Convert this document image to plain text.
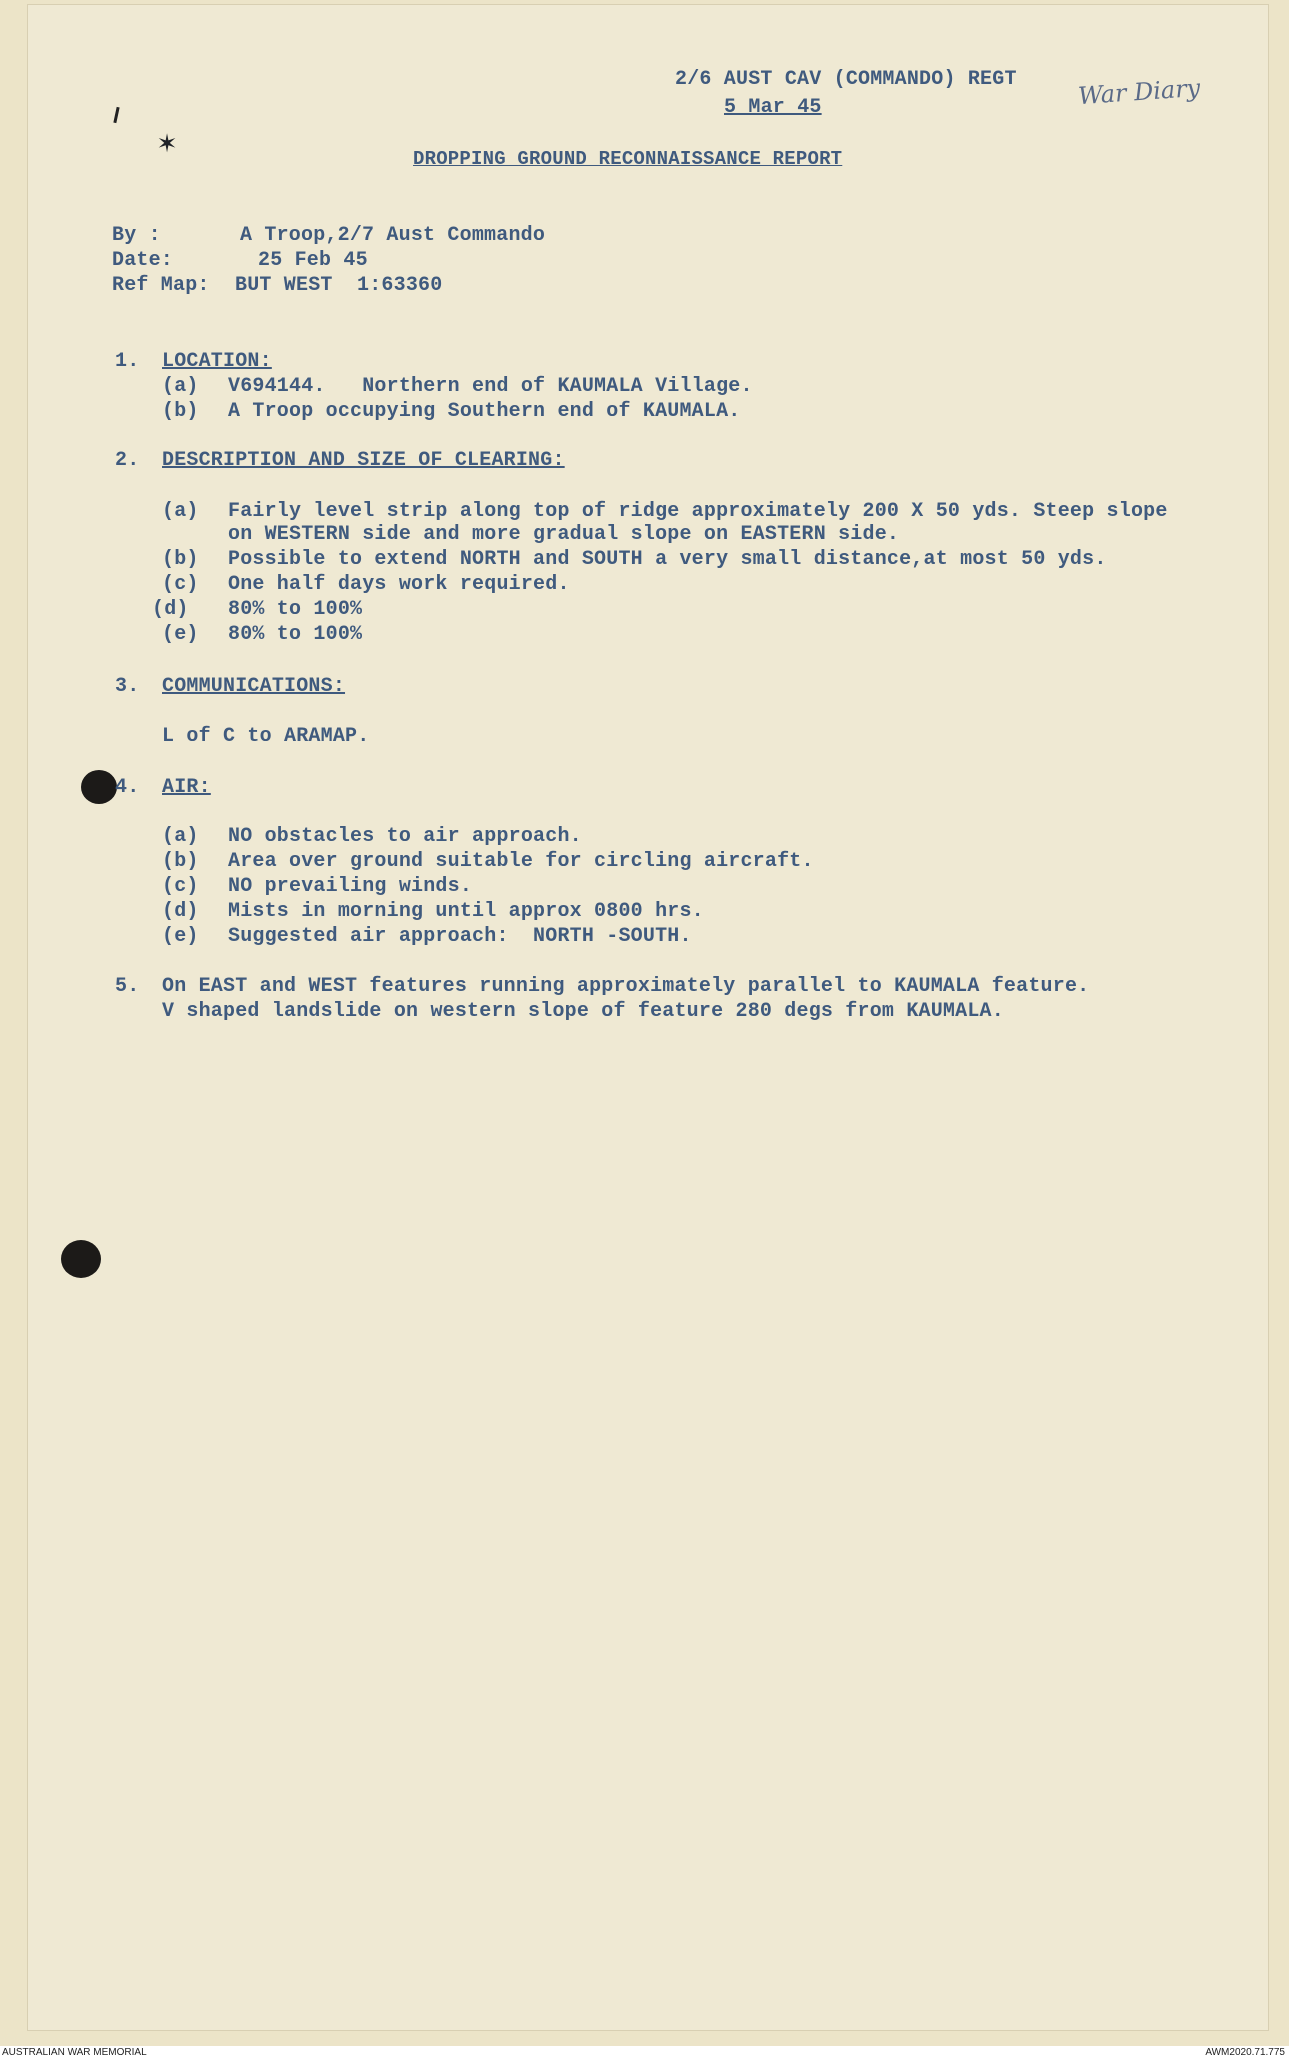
✶
2/6 AUST CAV (COMMANDO) REGT
5 Mar 45	War Diary
DROPPING GROUND RECONNAISSANCE REPORT
By :	A Troop,2/7 Aust Commando
Date:	25 Feb 45
Ref Map: BUT WEST  1:63360
1. LOCATION:
(a) V694144.   Northern end of KAUMALA Village.
(b) A Troop occupying Southern end of KAUMALA.
2. DESCRIPTION AND SIZE OF CLEARING:
(a) Fairly level strip along top of ridge approximately 200 X 50 yds. Steep slope
on WESTERN side and more gradual slope on EASTERN side.
(b) Possible to extend NORTH and SOUTH a very small distance,at most 50 yds.
(c) One half days work required.
(d) 80% to 100%
(e) 80% to 100%
3. COMMUNICATIONS:
L of C to ARAMAP.
4. AIR:
(a) NO obstacles to air approach.
(b) Area over ground suitable for circling aircraft.
(c) NO prevailing winds.
(d) Mists in morning until approx 0800 hrs.
(e) Suggested air approach:  NORTH -SOUTH.
5. On EAST and WEST features running approximately parallel to KAUMALA feature.
V shaped landslide on western slope of feature 280 degs from KAUMALA.
AUSTRALIAN WAR MEMORIAL	AWM2020.71.775
